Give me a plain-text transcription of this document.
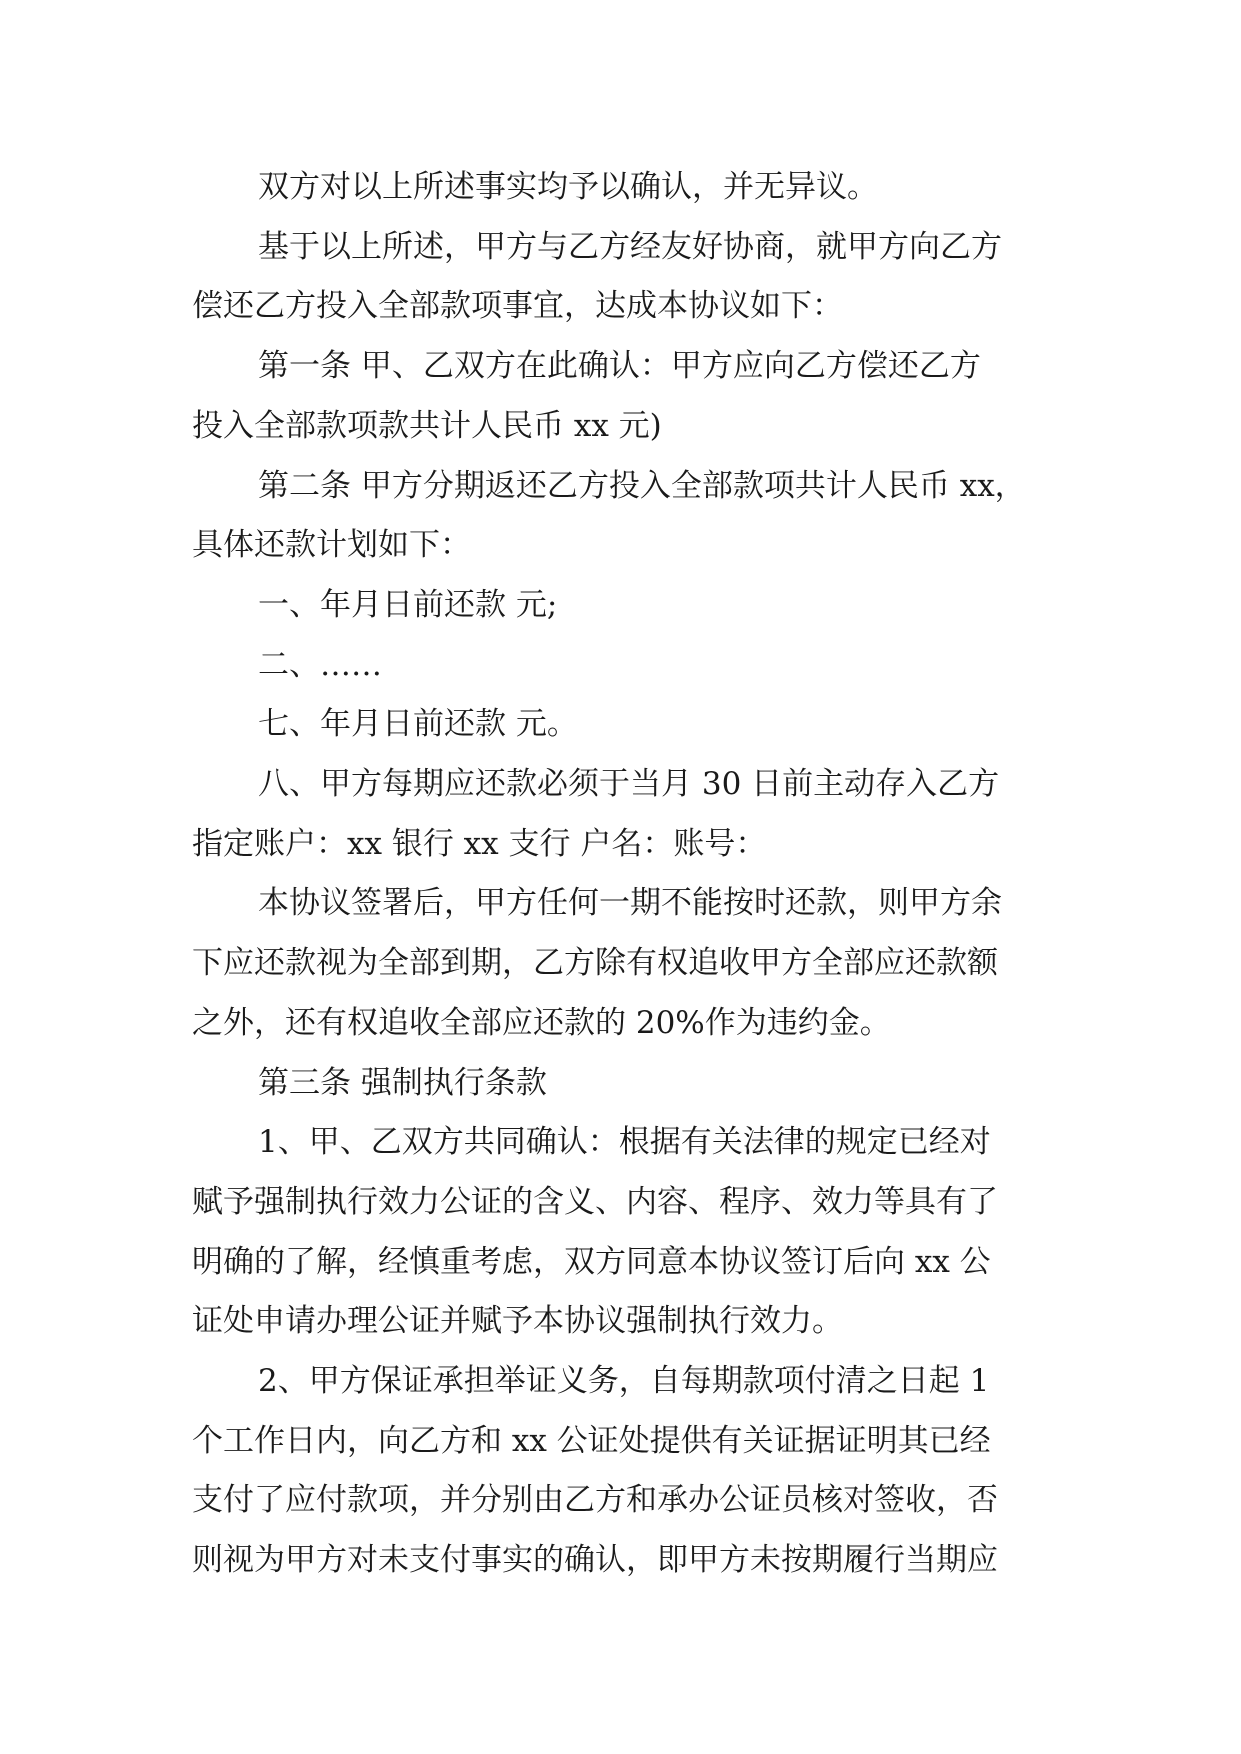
双方对以上所述事实均予以确认，并无异议。
基于以上所述，甲方与乙方经友好协商，就甲方向乙方
偿还乙方投入全部款项事宜，达成本协议如下：
第一条 甲、乙双方在此确认：甲方应向乙方偿还乙方
投入全部款项款共计人民币 xx 元)
第二条 甲方分期返还乙方投入全部款项共计人民币 xx，
具体还款计划如下：
一、年月日前还款 元;
二、……
七、年月日前还款 元。
八、甲方每期应还款必须于当月 30 日前主动存入乙方
指定账户：xx 银行 xx 支行 户名：账号：
本协议签署后，甲方任何一期不能按时还款，则甲方余
下应还款视为全部到期，乙方除有权追收甲方全部应还款额
之外，还有权追收全部应还款的 20%作为违约金。
第三条 强制执行条款
1、甲、乙双方共同确认：根据有关法律的规定已经对
赋予强制执行效力公证的含义、内容、程序、效力等具有了
明确的了解，经慎重考虑，双方同意本协议签订后向 xx 公
证处申请办理公证并赋予本协议强制执行效力。
2、甲方保证承担举证义务，自每期款项付清之日起 1
个工作日内，向乙方和 xx 公证处提供有关证据证明其已经
支付了应付款项，并分别由乙方和承办公证员核对签收，否
则视为甲方对未支付事实的确认，即甲方未按期履行当期应
